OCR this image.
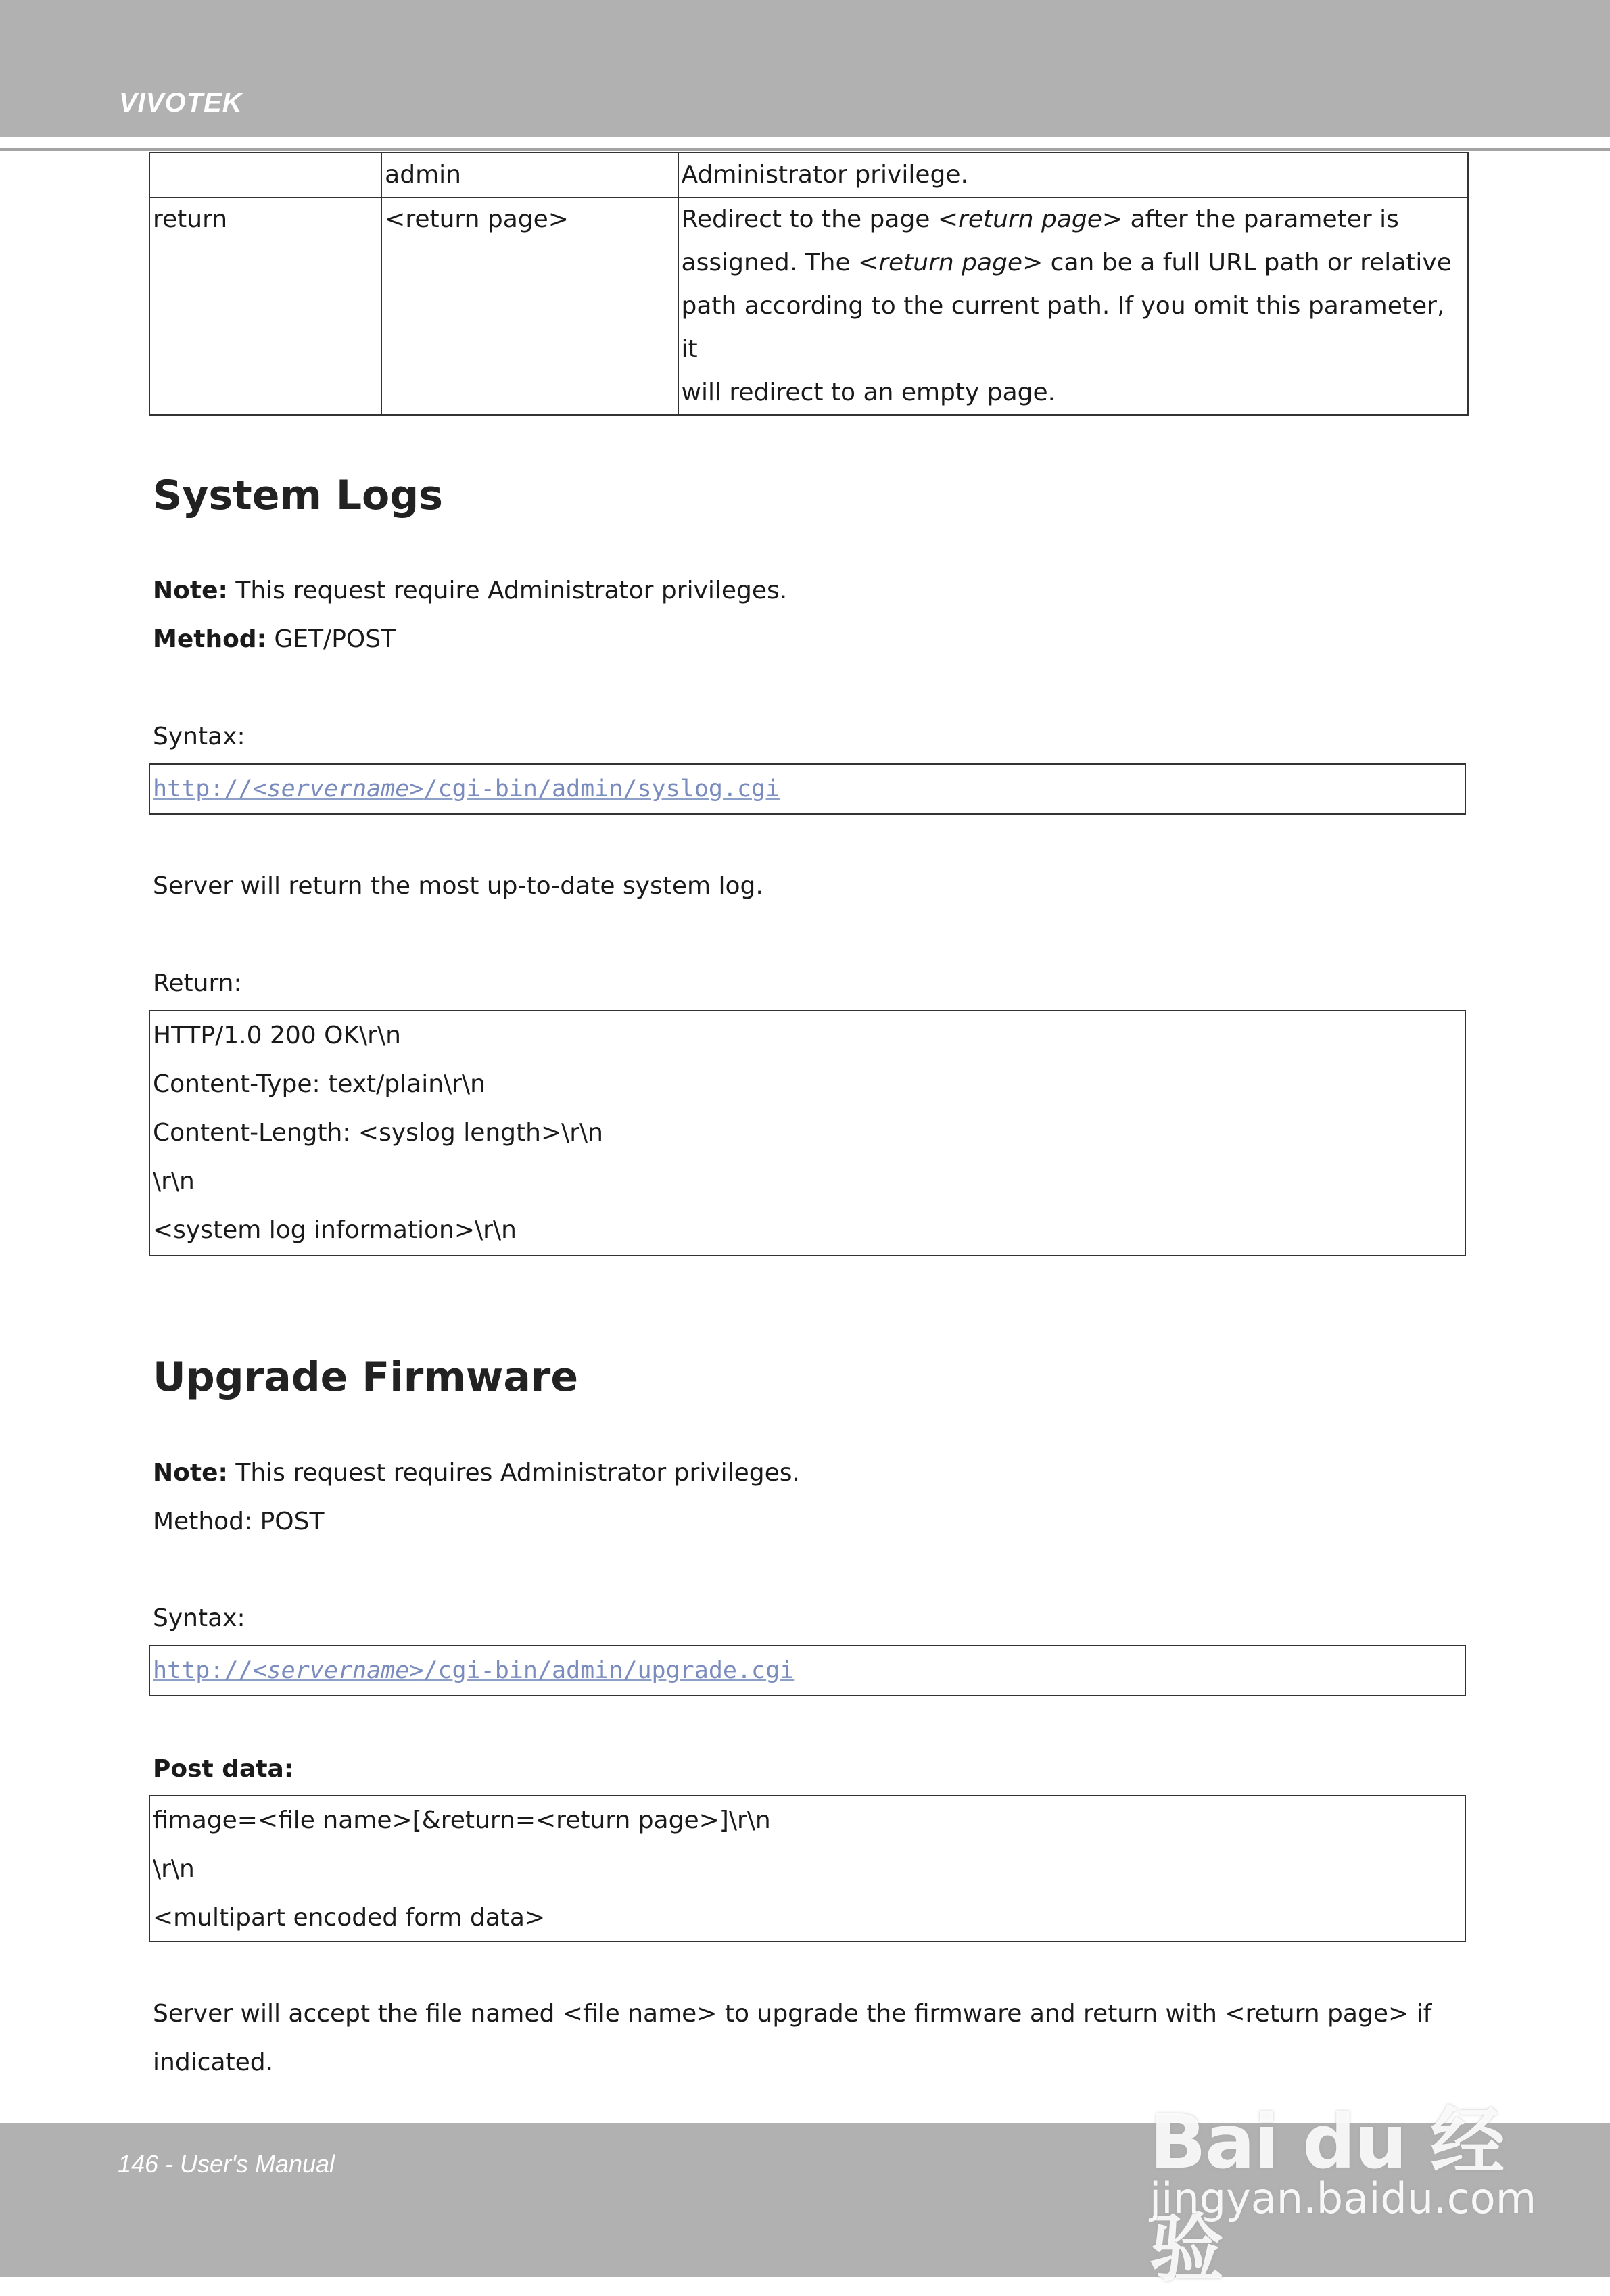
VIVOTEK
	admin	Administrator privilege.
return	<return page>	Redirect to the page <return page> after the parameter is
assigned. The <return page> can be a full URL path or relative
path according to the current path. If you omit this parameter, it
will redirect to an empty page.
System Logs
Note: This request require Administrator privileges.
Method: GET/POST
Syntax:
http://<servername>/cgi-bin/admin/syslog.cgi
Server will return the most up-to-date system log.
Return:
HTTP/1.0 200 OK\r\n
Content-Type: text/plain\r\n
Content-Length: <syslog length>\r\n
\r\n
<system log information>\r\n
Upgrade Firmware
Note: This request requires Administrator privileges.
Method: POST
Syntax:
http://<servername>/cgi-bin/admin/upgrade.cgi
Post data:
fimage=<file name>[&return=<return page>]\r\n
\r\n
<multipart encoded form data>
Server will accept the file named <file name> to upgrade the firmware and return with <return page> if
indicated.
146 - User's Manual	Bai du 经验
jingyan.baidu.com
